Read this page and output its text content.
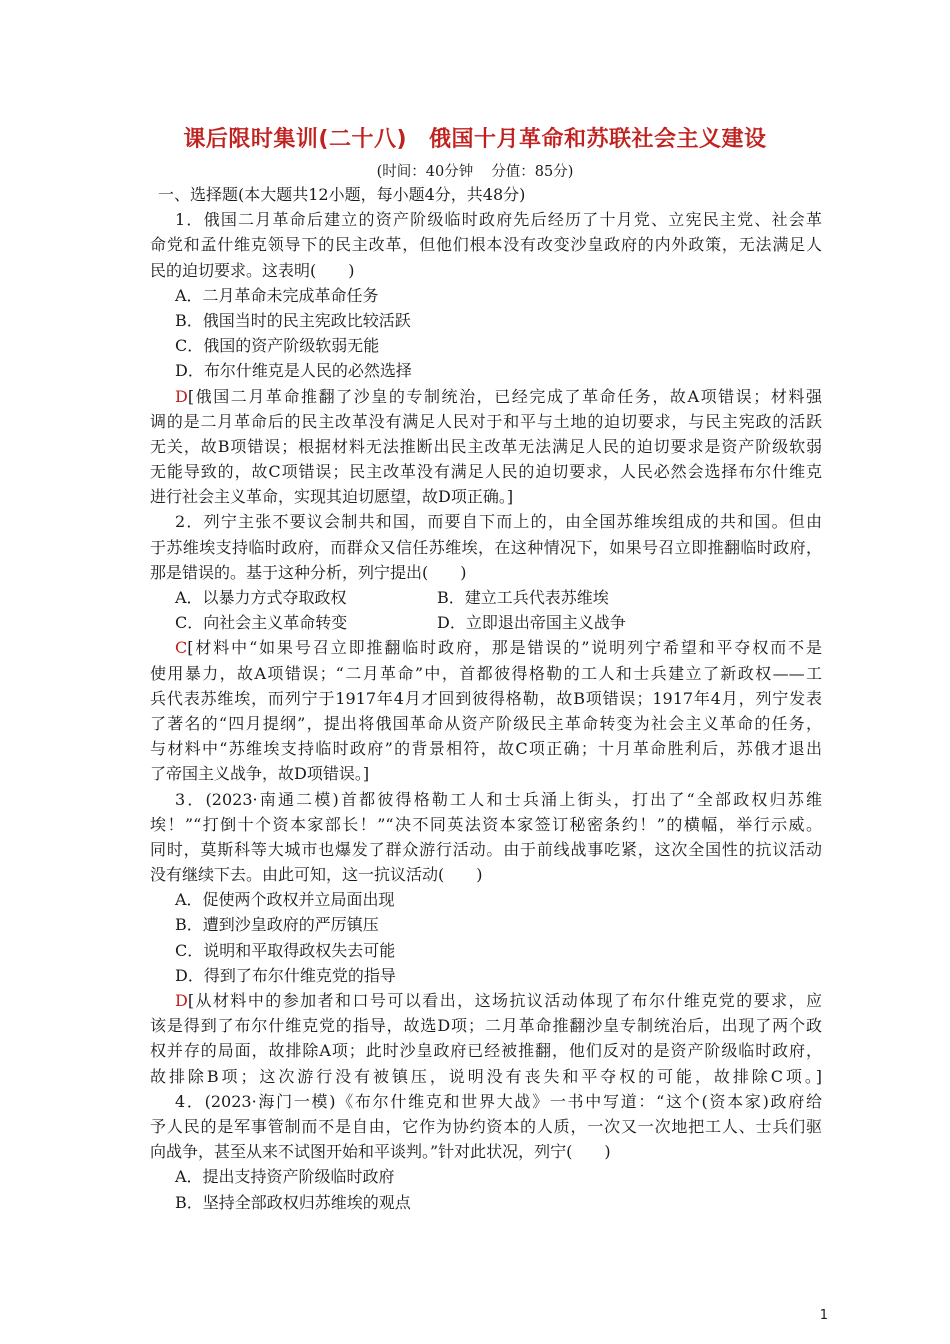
课后限时集训(二十八) 俄国十月革命和苏联社会主义建设
(时间：40分钟 分值：85分)
一、选择题(本大题共12小题，每小题4分，共48分)
1．俄国二月革命后建立的资产阶级临时政府先后经历了十月党、立宪民主党、社会革
命党和孟什维克领导下的民主改革，但他们根本没有改变沙皇政府的内外政策，无法满足人
民的迫切要求。这表明(　　)
A．二月革命未完成革命任务
B．俄国当时的民主宪政比较活跃
C．俄国的资产阶级软弱无能
D．布尔什维克是人民的必然选择
D[俄国二月革命推翻了沙皇的专制统治，已经完成了革命任务，故A项错误；材料强
调的是二月革命后的民主改革没有满足人民对于和平与土地的迫切要求，与民主宪政的活跃
无关，故B项错误；根据材料无法推断出民主改革无法满足人民的迫切要求是资产阶级软弱
无能导致的，故C项错误；民主改革没有满足人民的迫切要求，人民必然会选择布尔什维克
进行社会主义革命，实现其迫切愿望，故D项正确。]
2．列宁主张不要议会制共和国，而要自下而上的，由全国苏维埃组成的共和国。但由
于苏维埃支持临时政府，而群众又信任苏维埃，在这种情况下，如果号召立即推翻临时政府，
那是错误的。基于这种分析，列宁提出(　　)
A．以暴力方式夺取政权	B．建立工兵代表苏维埃
C．向社会主义革命转变	D．立即退出帝国主义战争
C[材料中“如果号召立即推翻临时政府，那是错误的”说明列宁希望和平夺权而不是
使用暴力，故A项错误；“二月革命”中，首都彼得格勒的工人和士兵建立了新政权——工
兵代表苏维埃，而列宁于1917年4月才回到彼得格勒，故B项错误；1917年4月，列宁发表
了著名的“四月提纲”，提出将俄国革命从资产阶级民主革命转变为社会主义革命的任务，
与材料中“苏维埃支持临时政府”的背景相符，故C项正确；十月革命胜利后，苏俄才退出
了帝国主义战争，故D项错误。]
3．(2023·南通二模)首都彼得格勒工人和士兵涌上街头，打出了“全部政权归苏维
埃！”“打倒十个资本家部长！”“决不同英法资本家签订秘密条约！”的横幅，举行示威。
同时，莫斯科等大城市也爆发了群众游行活动。由于前线战事吃紧，这次全国性的抗议活动
没有继续下去。由此可知，这一抗议活动(　　)
A．促使两个政权并立局面出现
B．遭到沙皇政府的严厉镇压
C．说明和平取得政权失去可能
D．得到了布尔什维克党的指导
D[从材料中的参加者和口号可以看出，这场抗议活动体现了布尔什维克党的要求，应
该是得到了布尔什维克党的指导，故选D项；二月革命推翻沙皇专制统治后，出现了两个政
权并存的局面，故排除A项；此时沙皇政府已经被推翻，他们反对的是资产阶级临时政府，
故排除B项；这次游行没有被镇压，说明没有丧失和平夺权的可能，故排除C项。]
4．(2023·海门一模)《布尔什维克和世界大战》一书中写道：“这个(资本家)政府给
予人民的是军事管制而不是自由，它作为协约资本的人质，一次又一次地把工人、士兵们驱
向战争，甚至从来不试图开始和平谈判。”针对此状况，列宁(　　)
A．提出支持资产阶级临时政府
B．坚持全部政权归苏维埃的观点
1
